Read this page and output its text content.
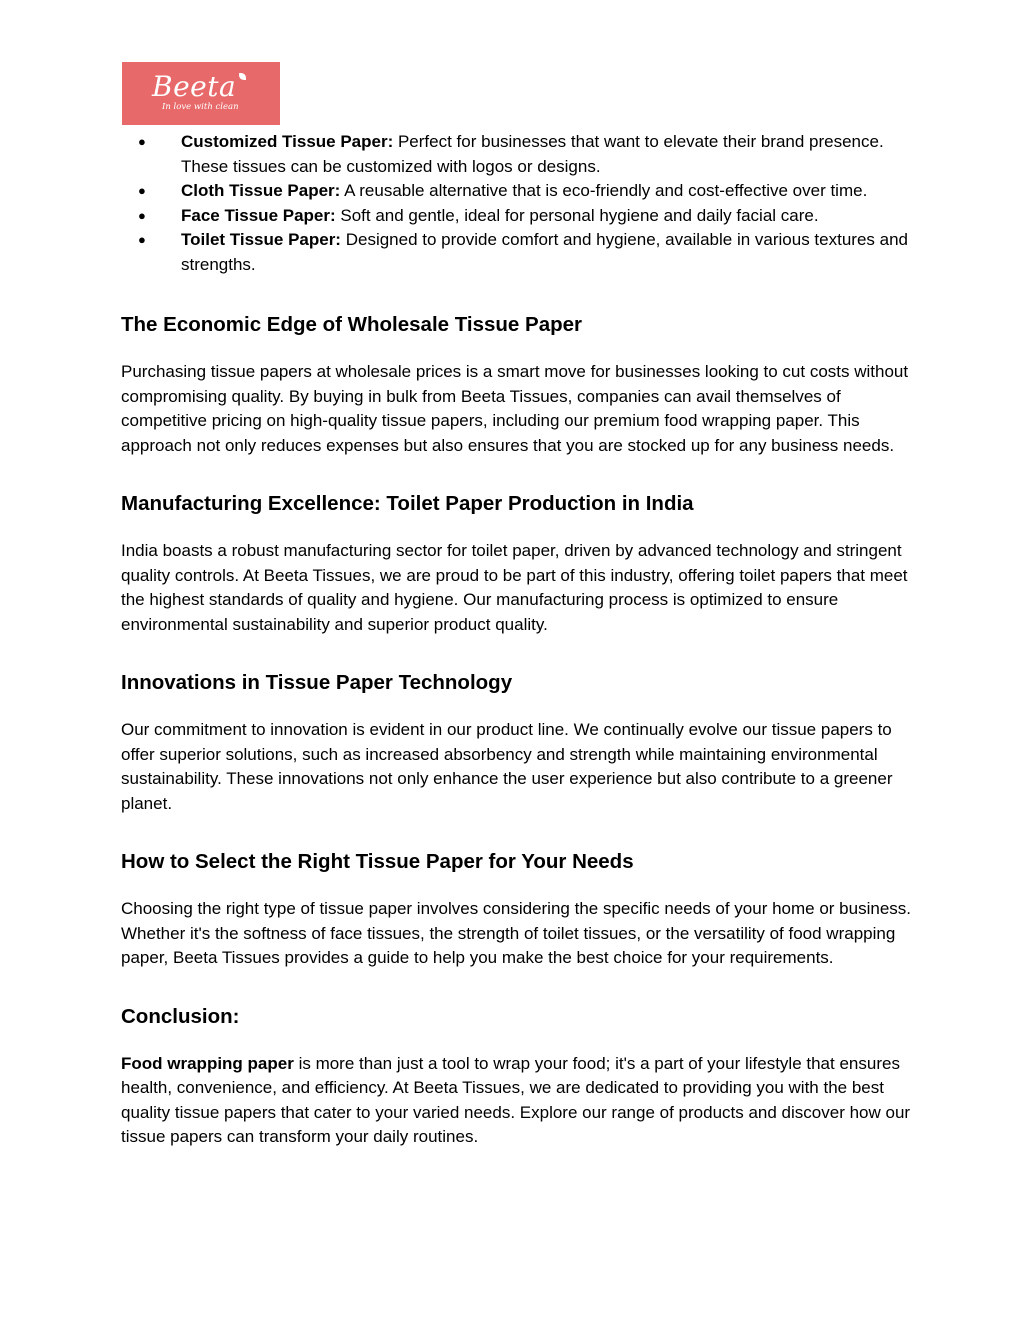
Beeta
In love with clean
● Customized Tissue Paper: Perfect for businesses that want to elevate their brand presence. These tissues can be customized with logos or designs.
● Cloth Tissue Paper: A reusable alternative that is eco-friendly and cost-effective over time.
● Face Tissue Paper: Soft and gentle, ideal for personal hygiene and daily facial care.
● Toilet Tissue Paper: Designed to provide comfort and hygiene, available in various textures and strengths.
The Economic Edge of Wholesale Tissue Paper

Purchasing tissue papers at wholesale prices is a smart move for businesses looking to cut costs without compromising quality. By buying in bulk from Beeta Tissues, companies can avail themselves of competitive pricing on high-quality tissue papers, including our premium food wrapping paper. This approach not only reduces expenses but also ensures that you are stocked up for any business needs.

Manufacturing Excellence: Toilet Paper Production in India

India boasts a robust manufacturing sector for toilet paper, driven by advanced technology and stringent quality controls. At Beeta Tissues, we are proud to be part of this industry, offering toilet papers that meet the highest standards of quality and hygiene. Our manufacturing process is optimized to ensure environmental sustainability and superior product quality.

Innovations in Tissue Paper Technology

Our commitment to innovation is evident in our product line. We continually evolve our tissue papers to offer superior solutions, such as increased absorbency and strength while maintaining environmental sustainability. These innovations not only enhance the user experience but also contribute to a greener planet.

How to Select the Right Tissue Paper for Your Needs

Choosing the right type of tissue paper involves considering the specific needs of your home or business. Whether it's the softness of face tissues, the strength of toilet tissues, or the versatility of food wrapping paper, Beeta Tissues provides a guide to help you make the best choice for your requirements.

Conclusion:

Food wrapping paper is more than just a tool to wrap your food; it's a part of your lifestyle that ensures health, convenience, and efficiency. At Beeta Tissues, we are dedicated to providing you with the best quality tissue papers that cater to your varied needs. Explore our range of products and discover how our tissue papers can transform your daily routines.
